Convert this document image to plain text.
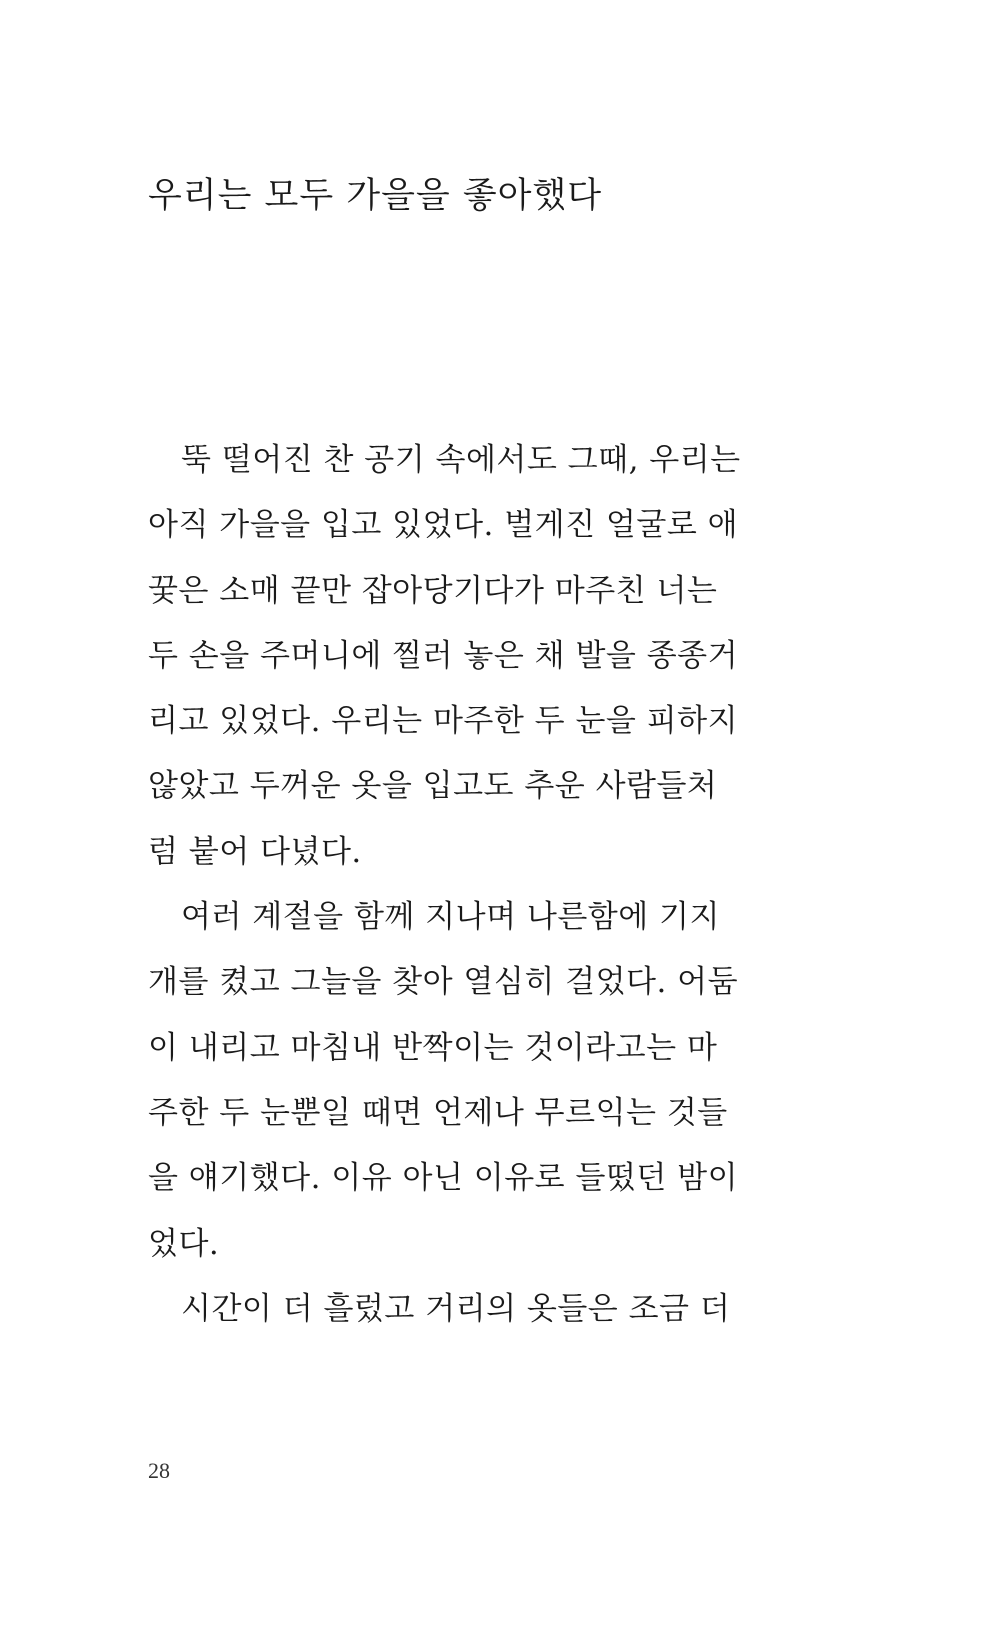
우리는 모두 가을을 좋아했다
뚝 떨어진 찬 공기 속에서도 그때, 우리는
아직 가을을 입고 있었다. 벌게진 얼굴로 애
꿎은 소매 끝만 잡아당기다가 마주친 너는
두 손을 주머니에 찔러 놓은 채 발을 종종거
리고 있었다. 우리는 마주한 두 눈을 피하지
않았고 두꺼운 옷을 입고도 추운 사람들처
럼 붙어 다녔다.
여러 계절을 함께 지나며 나른함에 기지
개를 켰고 그늘을 찾아 열심히 걸었다. 어둠
이 내리고 마침내 반짝이는 것이라고는 마
주한 두 눈뿐일 때면 언제나 무르익는 것들
을 얘기했다. 이유 아닌 이유로 들떴던 밤이
었다.
시간이 더 흘렀고 거리의 옷들은 조금 더
28
